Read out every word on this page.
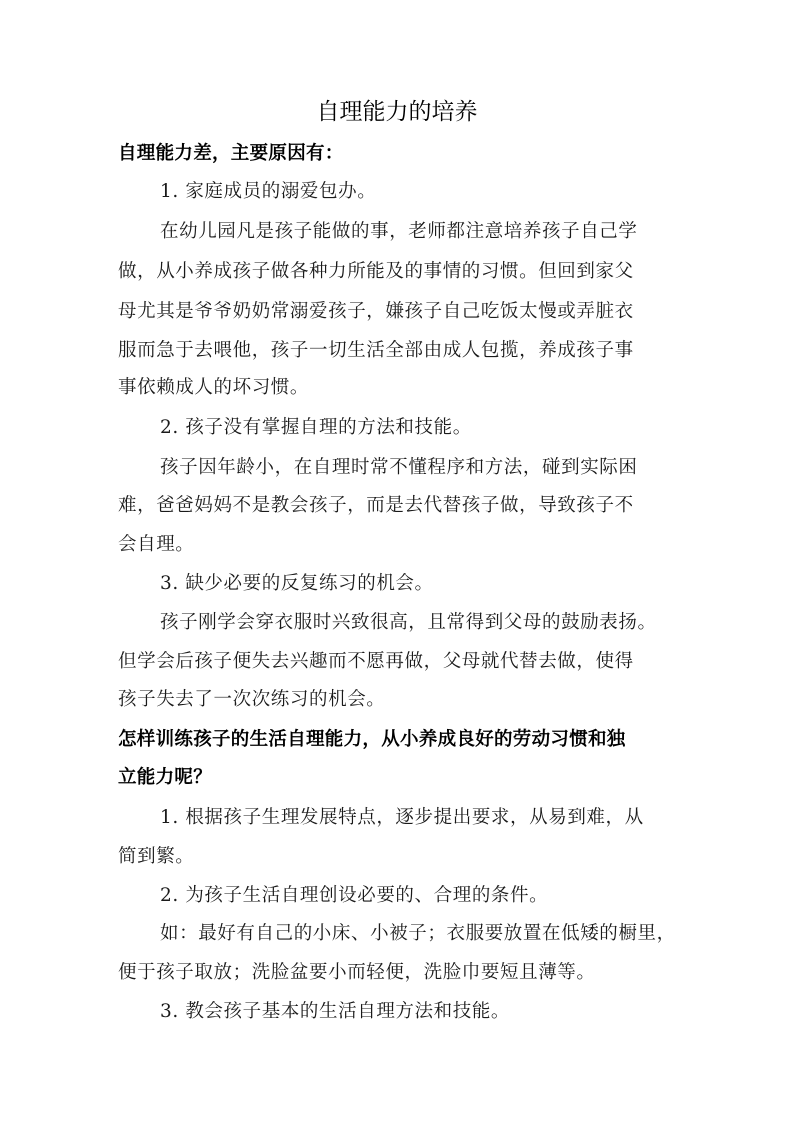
自理能力的培养
自理能力差，主要原因有：
1. 家庭成员的溺爱包办。
在幼儿园凡是孩子能做的事，老师都注意培养孩子自己学
做，从小养成孩子做各种力所能及的事情的习惯。但回到家父
母尤其是爷爷奶奶常溺爱孩子，嫌孩子自己吃饭太慢或弄脏衣
服而急于去喂他，孩子一切生活全部由成人包揽，养成孩子事
事依赖成人的坏习惯。
2. 孩子没有掌握自理的方法和技能。
孩子因年龄小，在自理时常不懂程序和方法，碰到实际困
难，爸爸妈妈不是教会孩子，而是去代替孩子做，导致孩子不
会自理。
3. 缺少必要的反复练习的机会。
孩子刚学会穿衣服时兴致很高，且常得到父母的鼓励表扬。
但学会后孩子便失去兴趣而不愿再做，父母就代替去做，使得
孩子失去了一次次练习的机会。
怎样训练孩子的生活自理能力，从小养成良好的劳动习惯和独
立能力呢？
1. 根据孩子生理发展特点，逐步提出要求，从易到难，从
简到繁。
2. 为孩子生活自理创设必要的、合理的条件。
如：最好有自己的小床、小被子；衣服要放置在低矮的橱里，
便于孩子取放；洗脸盆要小而轻便，洗脸巾要短且薄等。
3. 教会孩子基本的生活自理方法和技能。
